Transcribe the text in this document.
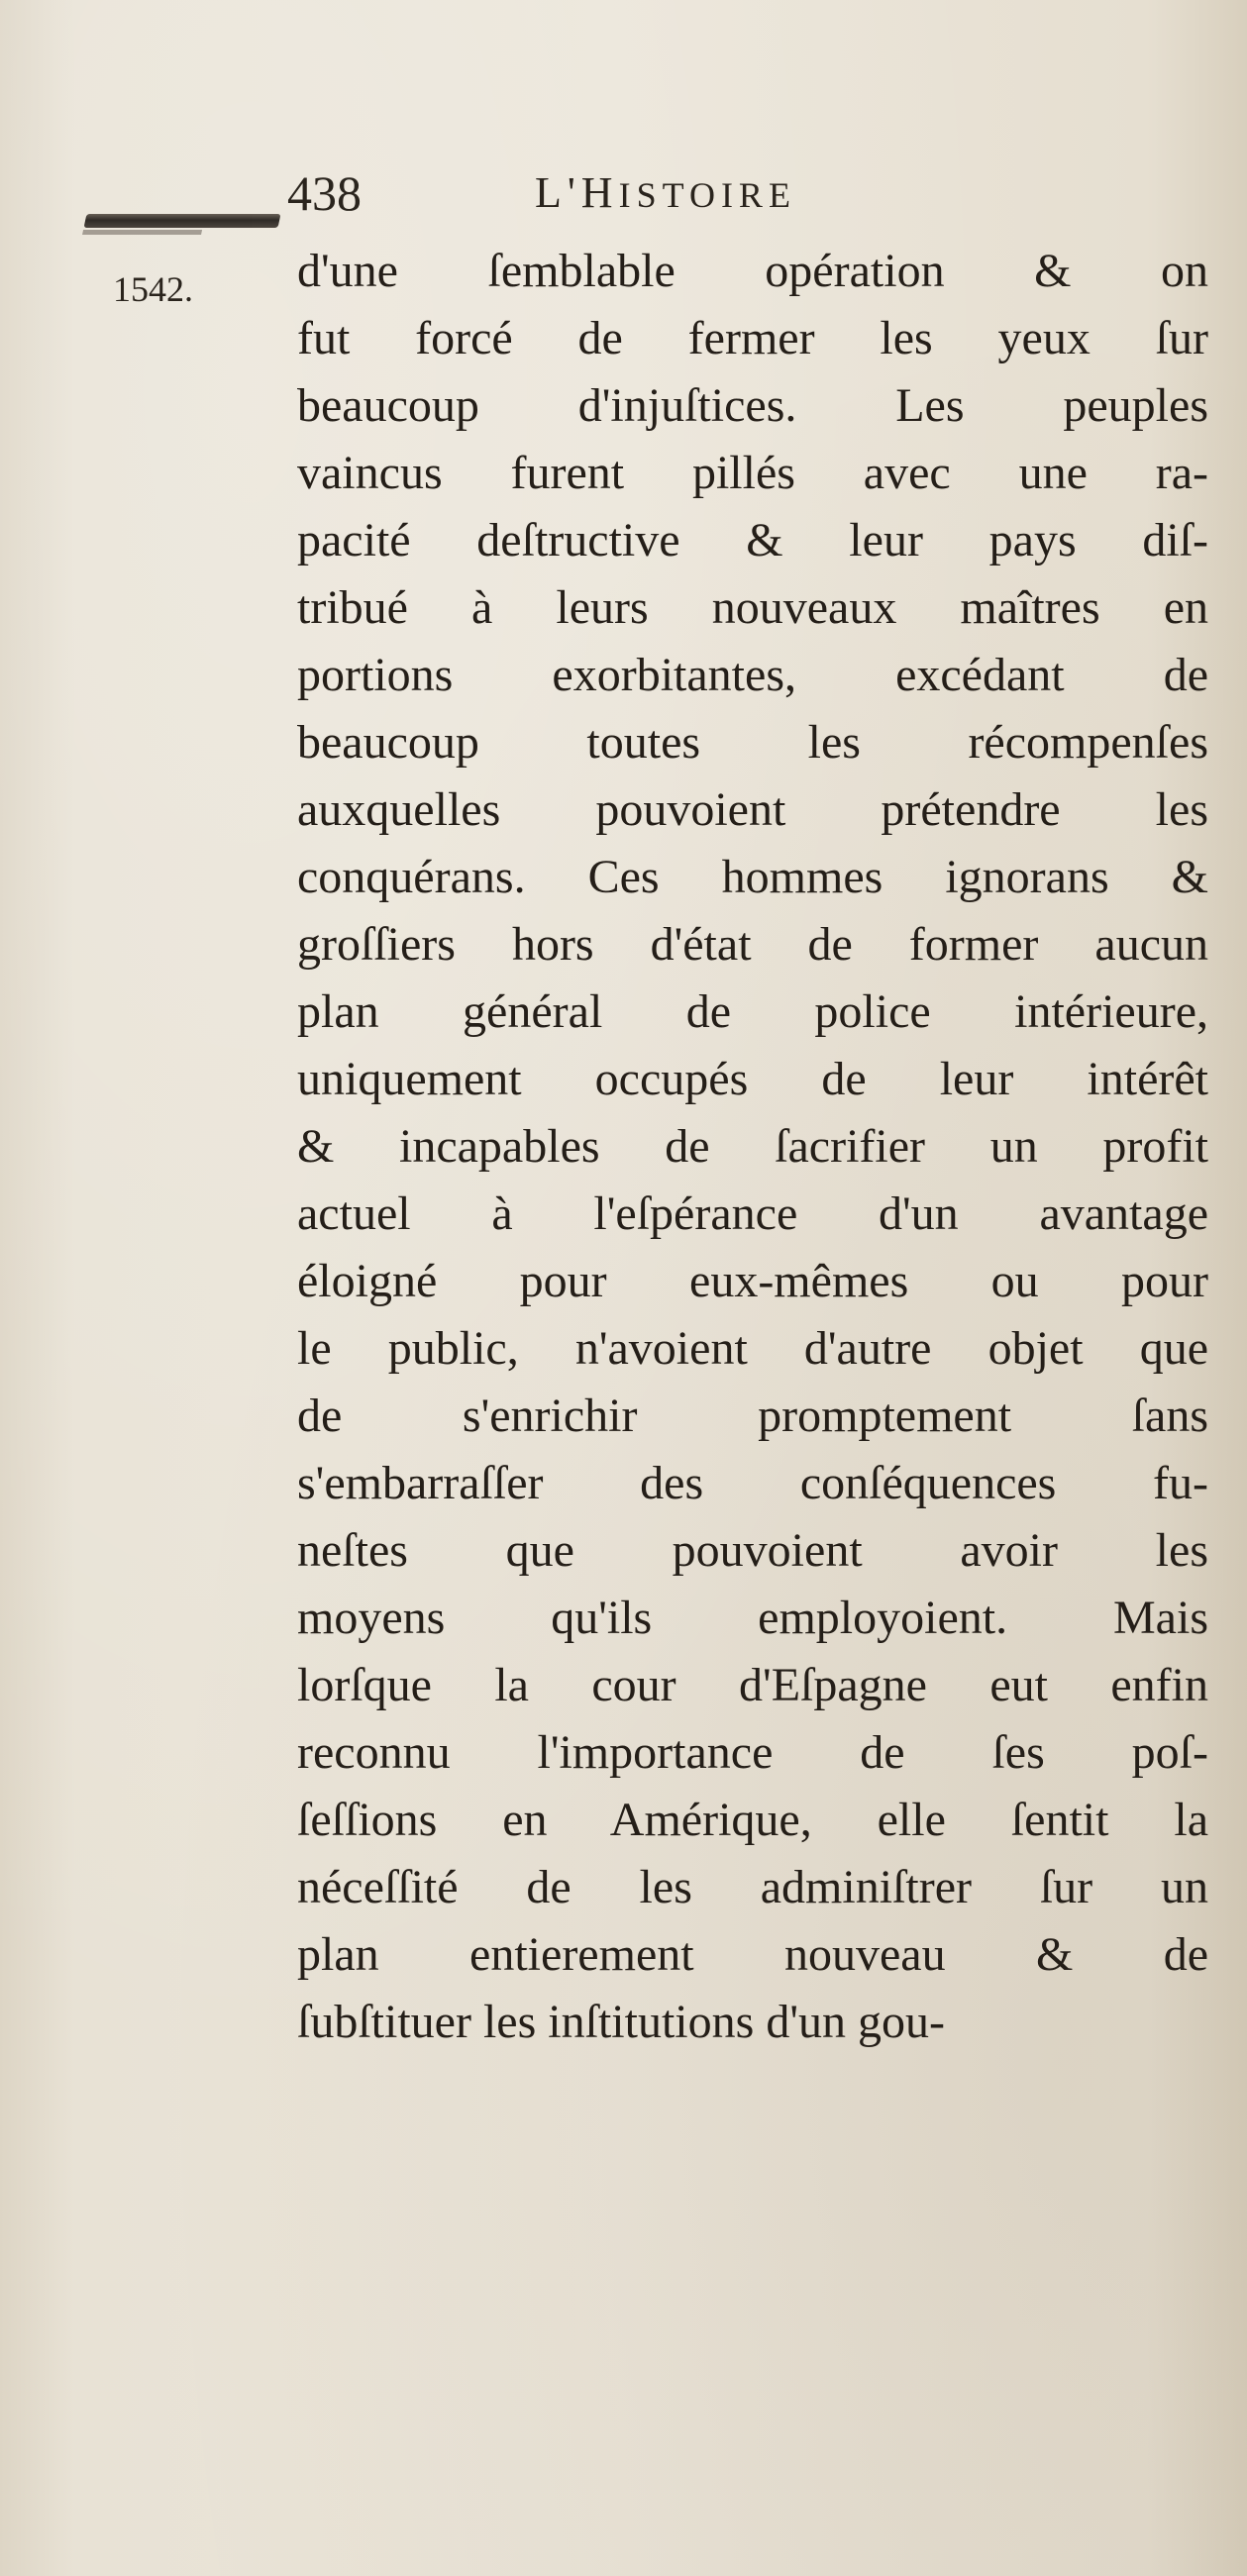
438	L'HISTOIRE
1542. d'une ſemblable opération & on
fut forcé de fermer les yeux ſur
beaucoup d'injuſtices. Les peuples
vaincus furent pillés avec une ra-
pacité deſtructive & leur pays diſ-
tribué à leurs nouveaux maîtres en
portions exorbitantes, excédant de
beaucoup toutes les récompenſes
auxquelles pouvoient prétendre les
conquérans. Ces hommes ignorans &
groſſiers hors d'état de former aucun
plan général de police intérieure,
uniquement occupés de leur intérêt
& incapables de ſacrifier un profit
actuel à l'eſpérance d'un avantage
éloigné pour eux-mêmes ou pour
le public, n'avoient d'autre objet que
de s'enrichir promptement ſans
s'embarraſſer des conſéquences fu-
neſtes que pouvoient avoir les
moyens qu'ils employoient. Mais
lorſque la cour d'Eſpagne eut enfin
reconnu l'importance de ſes poſ-
ſeſſions en Amérique, elle ſentit la
néceſſité de les adminiſtrer ſur un
plan entierement nouveau & de
ſubſtituer les inſtitutions d'un gou-
